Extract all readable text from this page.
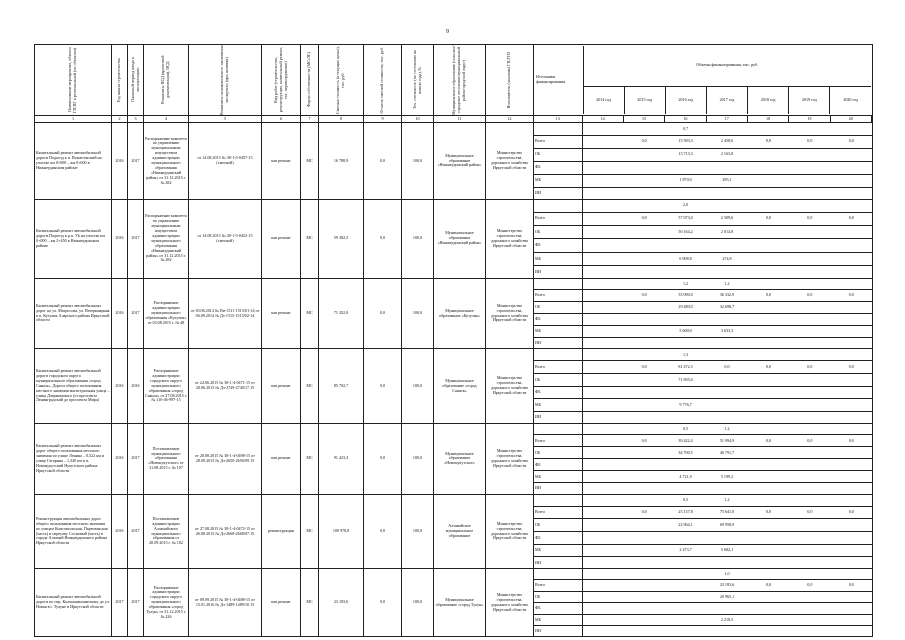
9
Наименование мероприятия, объекта ГП/ПГ в региональной (по объектам)	Год начала строительства	Плановый период ввода в эксплуатацию	Реквизиты ПСД (проектной документации), ПСД	Реквизиты положительного заключения экспертизы (при наличии)	Вид работ (строительство, реконструкция, капитальный ремонт, тех. перевооружение)	Форма собственности (МС/ЛС)	Сметная стоимость (в текущих ценах), тыс. руб.	Остаток сметной стоимости, тыс. руб.	Тех. готовность (по состоянию на начало года), %	Муниципальное образование (сельское/городское поселение/муниципальный район/городской округ)	Исполнитель (заказчик) ГП/ГПЗ
		Источники финансирования	Объемы финансирования, тыс. руб.
2014 год	2015 год	2016 год	2017 год	2018 год	2019 год	2020 год

1	2	3	4	5	6	7	8	9	10	11	12		13	14	15	16	17	18	19	20

Капитальный ремонт автомобильной дороги Подъезд к п. Вознесенский на участке км 0+000 – км 0+600 в Нижнеудинском районе	2016	2017	Распоряжение комитета по управлению муниципальным имуществом администрации муниципального образования «Нижнеудинский район» от 31.12.2015 г. № 282	от 14.08.2015 № 38-1-5-0457-15 (сметной)	кап.ремонт	МС	16 788,9	0,0	100,0	Муниципальное образование «Нижнеудинский район»	Министерство строительства, дорожного хозяйства Иркутской области	
			0,7				
Всего		0,0	15 583,3	2 458,6	0,0	0,0	0,0
ОБ			13 713,3	2 163,8			
ФБ							
МБ			1 870,0	295,1			
ИИ							

Капитальный ремонт автомобильной дороги Подъезд к р.п. Уk на участке км 0+000 – км 2+450 в Нижнеудинском районе	2016	2017	Распоряжение комитета по управлению муниципальным имуществом администрации муниципального образования «Нижнеудинский район» от 31.12.2015 г. № 282	от 14.08.2015 № 38-1-5-0452-15 (сметной)	кап.ремонт	МС	59 382,5	0,0	100,0	Муниципальное образование «Нижнеудинский район»	Министерство строительства, дорожного хозяйства Иркутской области	
			2,0				
Всего		0,0	57 073,0	2 309,6	0,0	0,0	0,0
ОБ			50 164,2	2 014,8			
ФБ							
МБ			6 908,8	274,8			
ИИ							

Капитальный ремонт автомобильных дорог по ул. Матросова, ул. Ветеринарная в п. Кутулик Аларского района Иркутской области	2016	2017	Распоряжение администрации муниципального образования «Кутулик» от 03.08.2015 г. № 48	от 30.06.2014 № Пи-1511-1515/01-14 от 06.09.2014 № Дз-1515-1515/02-14	кап.ремонт	МС	71 352,0	0,0	100,0	Муниципальное образование «Кутулик»	Министерство строительства, дорожного хозяйства Иркутской области	
			1,2	1,2			
Всего		0,0	35 090,0	36 332,9	0,0	0,0	0,0
ОБ			29 480,0	32 698,7			
ФБ							
МБ			5 600,0	3 633,3			
ИИ							

Капитальный ремонт автомобильной дороги городского округа муниципального образования «город Саянск», Дорога общего пользования местного значения магистральная улица – улица Дзержинского (от проспекта Ленинградский до проспекта Мира)	2016	2016	Распоряжение администрации городского округа муниципального образования «город Саянск» от 27.08.2015 г. № 110-46-997-15	от 24.06.2015 № 38-1-4-0471-15 от 20.06.2015 № Дз-2749-2740/17.15	кап.ремонт	МС	85 702,7	0,0	100,0	Муниципальное образование «город Саянск»	Министерство строительства, дорожного хозяйства Иркутской области	
			1,3				
Всего		0,0	81 472,3	0,0	0,0	0,0	0,0
ОБ			71 695,6				
ФБ							
МБ			9 776,7				
ИИ							

Капитальный ремонт автомобильных дорог общего пользования местного значения по улице Ленина – 0,522 км и улице Гагарина – 1,340 км в п. Новонукутский Нукутского района Иркутской области	2016	2017	Постановление муниципального образования «Новонукутское» от 31.08.2015 г. № 107	от 28.08.2015 № 38-1-4-0498-15 от 28.09.2015 № Дз-2650-2650/09.15	кап.ремонт	МС	91 423,3	0,0	100,0	Муниципальное образование «Новонукутское»	Министерство строительства, дорожного хозяйства Иркутской области	
			0,5	1,2			
Всего		0,0	39 422,4	51 994,9	0,0	0,0	0,0
ОБ			34 700,5	46 791,7			
ФБ							
МБ			4 721,9	5 199,2			
ИИ							

Реконструкция автомобильных дорог общего пользования местного значения по улицам Комсомольская, Партизанская (часть) и переулку Сосновый (часть) в городе Алзамай Нижнеудинского района Иркутской области	2016	2017	Постановление администрации Алзамайского муниципального образования от 20.09.2015 г. № 182	от 27.08.2015 № 38-1-4-0472-15 от 26.08.2015 № Дз-2668-2668/07.15	реконструкция	МС	100 978,8	0,0	100,0	Алзамайское муниципальное образование	Министерство строительства, дорожного хозяйства Иркутской области	
			0,5	1,2			
Всего		0,0	25 137,8	75 641,0	0,0	0,0	0,0
ОБ			22 964,1	69 958,9			
ФБ							
МБ			2 473,7	5 682,1			
ИИ							

Капитальный ремонт автомобильной дороги по пер. Кильмаязыхинскому до ул. Новая в г. Тулуне в Иркутской области	2017	2017	Распоряжение администрации городского округа муниципального образования «город Тулун» от 31.12.2015 г. № 226	от 09.09.2015 № 38-1-4-0488-15 от 15.01.2016 № Дз-1489-1489/10.15	кап.ремонт	МС	23 183,6	0,0	100,0	Муниципальное образование «город Тулун»	Министерство строительства, дорожного хозяйства Иркутской области	
				1,0			
Всего				23 183,6	0,0	0,0	0,0
ОБ				20 965,1			
ФБ							
МБ				2 218,5			
ИИ							
